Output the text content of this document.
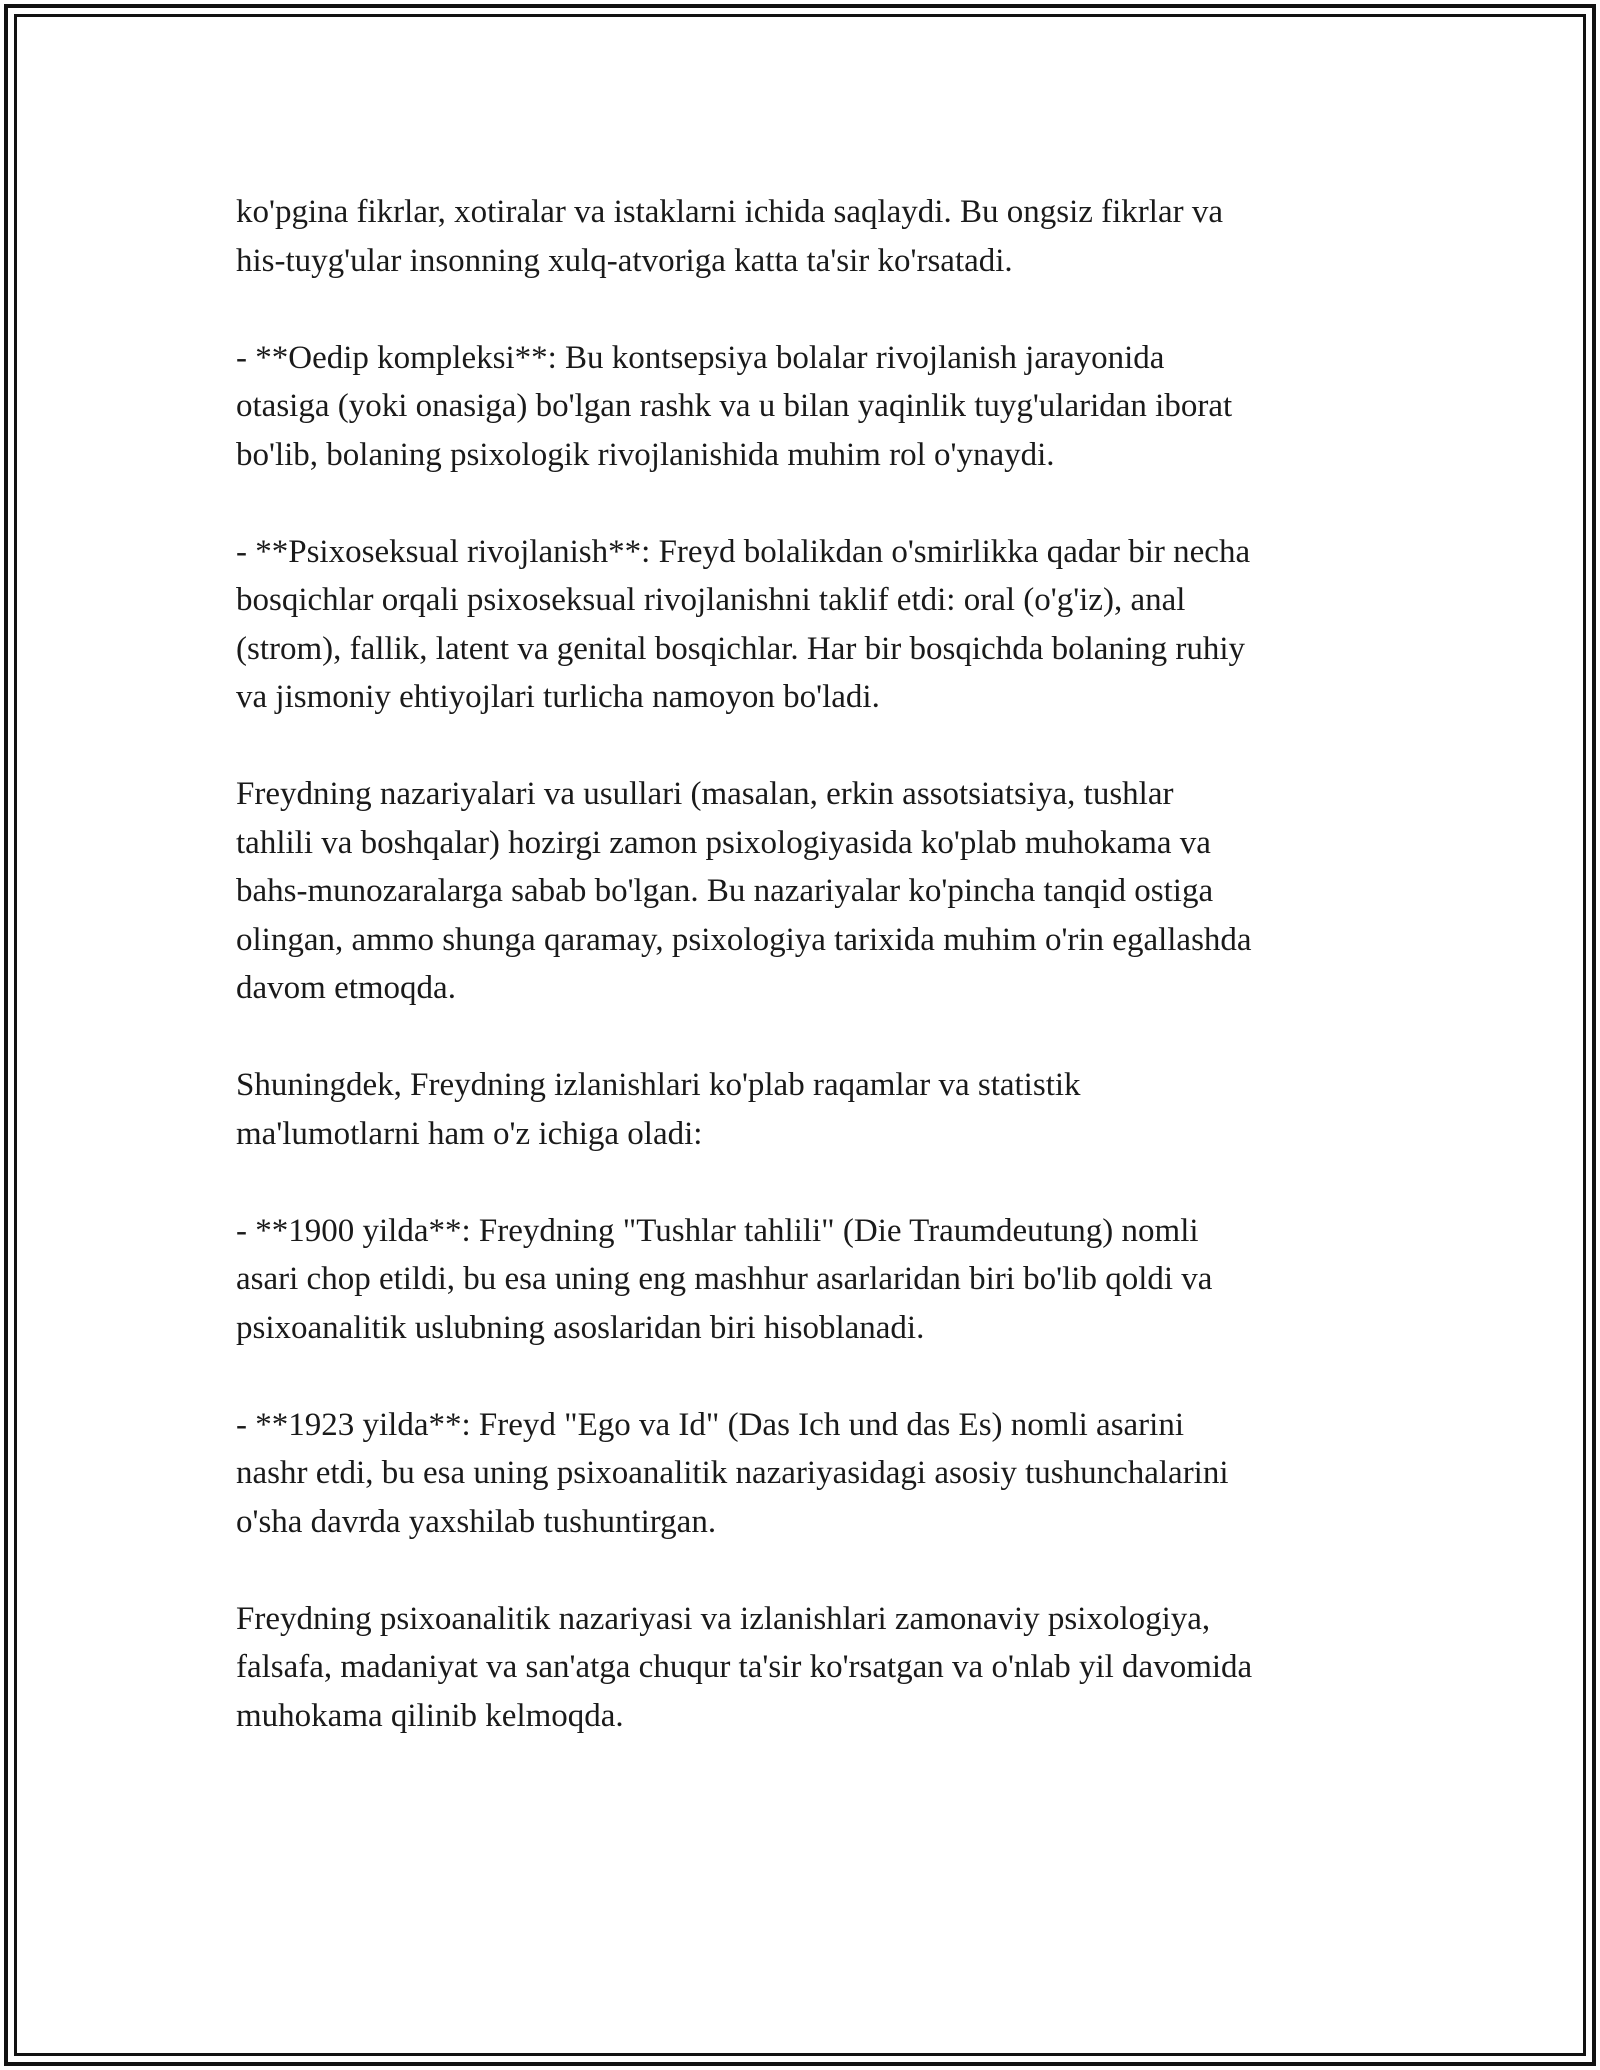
ko'pgina fikrlar, xotiralar va istaklarni ichida saqlaydi. Bu ongsiz fikrlar va
his-tuyg'ular insonning xulq-atvoriga katta ta'sir ko'rsatadi.

- **Oedip kompleksi**: Bu kontsepsiya bolalar rivojlanish jarayonida
otasiga (yoki onasiga) bo'lgan rashk va u bilan yaqinlik tuyg'ularidan iborat
bo'lib, bolaning psixologik rivojlanishida muhim rol o'ynaydi.

- **Psixoseksual rivojlanish**: Freyd bolalikdan o'smirlikka qadar bir necha
bosqichlar orqali psixoseksual rivojlanishni taklif etdi: oral (o'g'iz), anal
(strom), fallik, latent va genital bosqichlar. Har bir bosqichda bolaning ruhiy
va jismoniy ehtiyojlari turlicha namoyon bo'ladi.

Freydning nazariyalari va usullari (masalan, erkin assotsiatsiya, tushlar
tahlili va boshqalar) hozirgi zamon psixologiyasida ko'plab muhokama va
bahs-munozaralarga sabab bo'lgan. Bu nazariyalar ko'pincha tanqid ostiga
olingan, ammo shunga qaramay, psixologiya tarixida muhim o'rin egallashda
davom etmoqda.

Shuningdek, Freydning izlanishlari ko'plab raqamlar va statistik
ma'lumotlarni ham o'z ichiga oladi:

- **1900 yilda**: Freydning "Tushlar tahlili" (Die Traumdeutung) nomli
asari chop etildi, bu esa uning eng mashhur asarlaridan biri bo'lib qoldi va
psixoanalitik uslubning asoslaridan biri hisoblanadi.

- **1923 yilda**: Freyd "Ego va Id" (Das Ich und das Es) nomli asarini
nashr etdi, bu esa uning psixoanalitik nazariyasidagi asosiy tushunchalarini
o'sha davrda yaxshilab tushuntirgan.

Freydning psixoanalitik nazariyasi va izlanishlari zamonaviy psixologiya,
falsafa, madaniyat va san'atga chuqur ta'sir ko'rsatgan va o'nlab yil davomida
muhokama qilinib kelmoqda.
